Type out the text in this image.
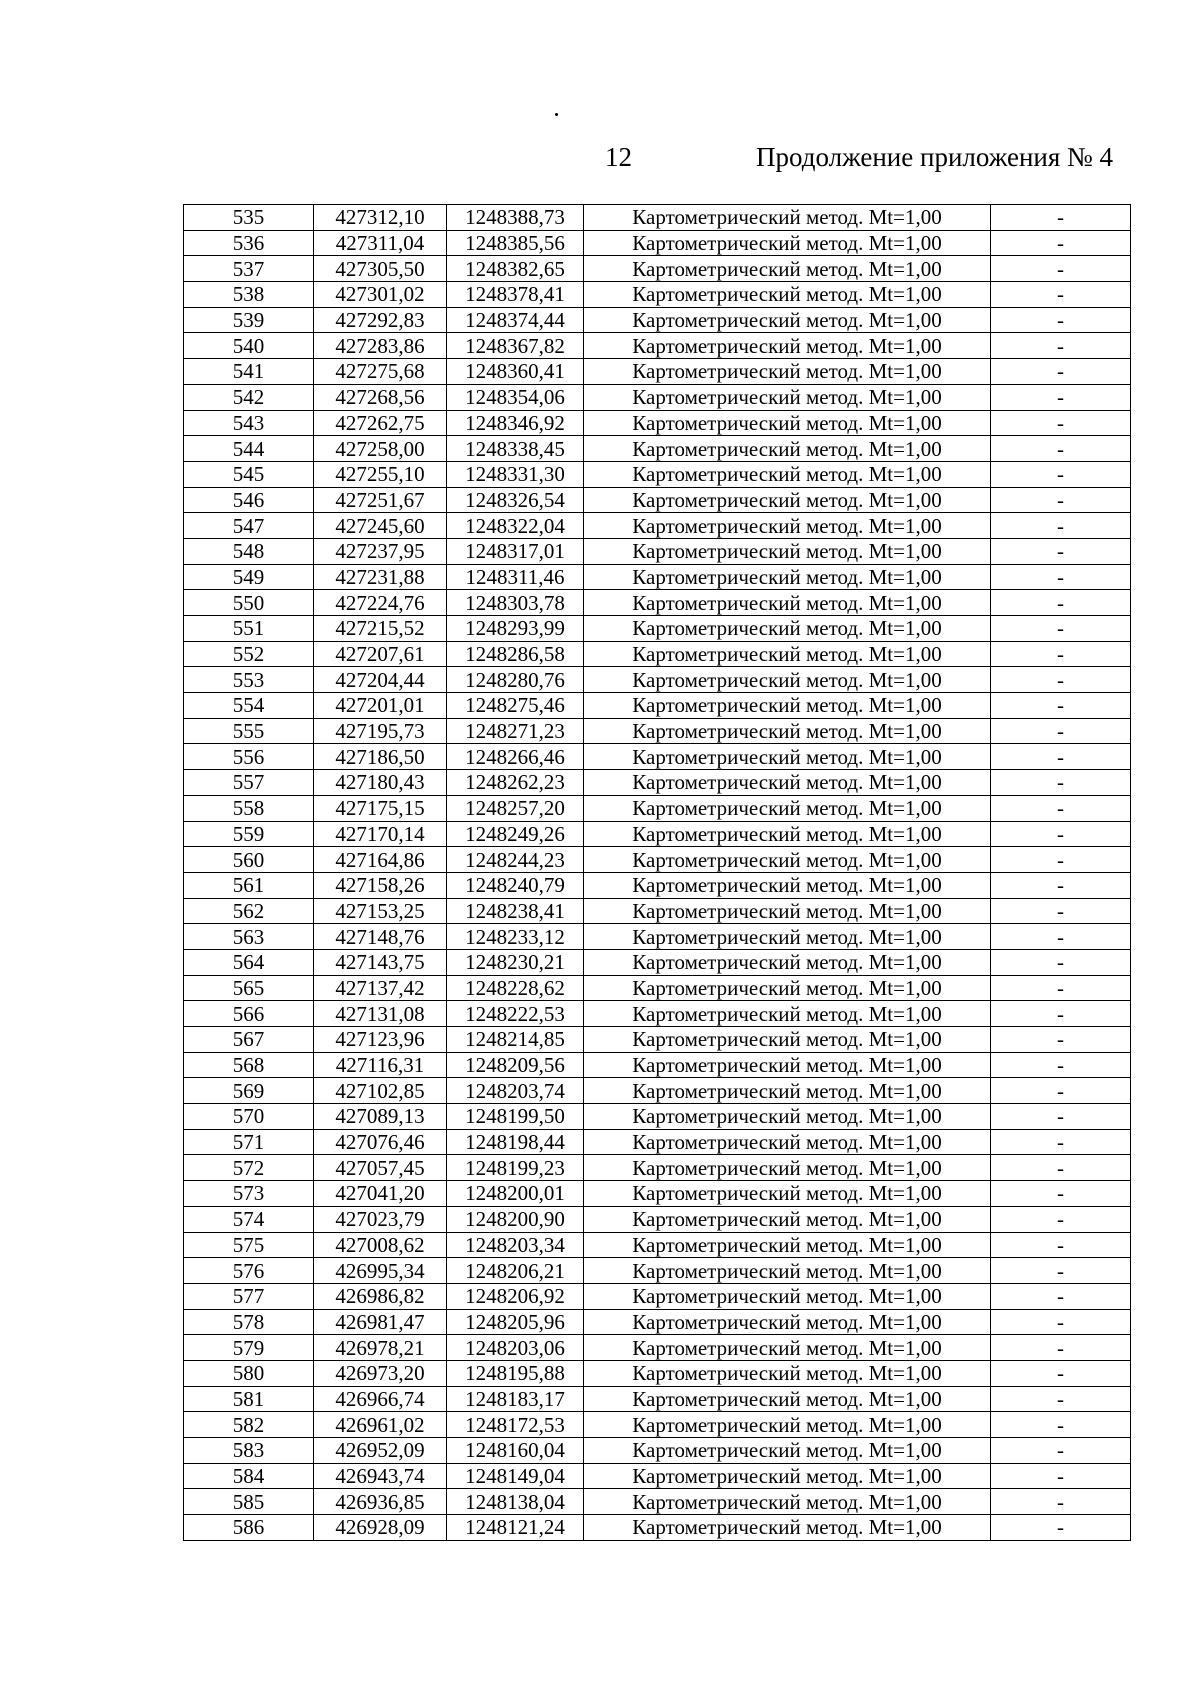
12	Продолжение приложения № 4
535	427312,10	1248388,73	Картометрический метод. Mt=1,00	-
536	427311,04	1248385,56	Картометрический метод. Mt=1,00	-
537	427305,50	1248382,65	Картометрический метод. Mt=1,00	-
538	427301,02	1248378,41	Картометрический метод. Mt=1,00	-
539	427292,83	1248374,44	Картометрический метод. Mt=1,00	-
540	427283,86	1248367,82	Картометрический метод. Mt=1,00	-
541	427275,68	1248360,41	Картометрический метод. Mt=1,00	-
542	427268,56	1248354,06	Картометрический метод. Mt=1,00	-
543	427262,75	1248346,92	Картометрический метод. Mt=1,00	-
544	427258,00	1248338,45	Картометрический метод. Mt=1,00	-
545	427255,10	1248331,30	Картометрический метод. Mt=1,00	-
546	427251,67	1248326,54	Картометрический метод. Mt=1,00	-
547	427245,60	1248322,04	Картометрический метод. Mt=1,00	-
548	427237,95	1248317,01	Картометрический метод. Mt=1,00	-
549	427231,88	1248311,46	Картометрический метод. Mt=1,00	-
550	427224,76	1248303,78	Картометрический метод. Mt=1,00	-
551	427215,52	1248293,99	Картометрический метод. Mt=1,00	-
552	427207,61	1248286,58	Картометрический метод. Mt=1,00	-
553	427204,44	1248280,76	Картометрический метод. Mt=1,00	-
554	427201,01	1248275,46	Картометрический метод. Mt=1,00	-
555	427195,73	1248271,23	Картометрический метод. Mt=1,00	-
556	427186,50	1248266,46	Картометрический метод. Mt=1,00	-
557	427180,43	1248262,23	Картометрический метод. Mt=1,00	-
558	427175,15	1248257,20	Картометрический метод. Mt=1,00	-
559	427170,14	1248249,26	Картометрический метод. Mt=1,00	-
560	427164,86	1248244,23	Картометрический метод. Mt=1,00	-
561	427158,26	1248240,79	Картометрический метод. Mt=1,00	-
562	427153,25	1248238,41	Картометрический метод. Mt=1,00	-
563	427148,76	1248233,12	Картометрический метод. Mt=1,00	-
564	427143,75	1248230,21	Картометрический метод. Mt=1,00	-
565	427137,42	1248228,62	Картометрический метод. Mt=1,00	-
566	427131,08	1248222,53	Картометрический метод. Mt=1,00	-
567	427123,96	1248214,85	Картометрический метод. Mt=1,00	-
568	427116,31	1248209,56	Картометрический метод. Mt=1,00	-
569	427102,85	1248203,74	Картометрический метод. Mt=1,00	-
570	427089,13	1248199,50	Картометрический метод. Mt=1,00	-
571	427076,46	1248198,44	Картометрический метод. Mt=1,00	-
572	427057,45	1248199,23	Картометрический метод. Mt=1,00	-
573	427041,20	1248200,01	Картометрический метод. Mt=1,00	-
574	427023,79	1248200,90	Картометрический метод. Mt=1,00	-
575	427008,62	1248203,34	Картометрический метод. Mt=1,00	-
576	426995,34	1248206,21	Картометрический метод. Mt=1,00	-
577	426986,82	1248206,92	Картометрический метод. Mt=1,00	-
578	426981,47	1248205,96	Картометрический метод. Mt=1,00	-
579	426978,21	1248203,06	Картометрический метод. Mt=1,00	-
580	426973,20	1248195,88	Картометрический метод. Mt=1,00	-
581	426966,74	1248183,17	Картометрический метод. Mt=1,00	-
582	426961,02	1248172,53	Картометрический метод. Mt=1,00	-
583	426952,09	1248160,04	Картометрический метод. Mt=1,00	-
584	426943,74	1248149,04	Картометрический метод. Mt=1,00	-
585	426936,85	1248138,04	Картометрический метод. Mt=1,00	-
586	426928,09	1248121,24	Картометрический метод. Mt=1,00	-
